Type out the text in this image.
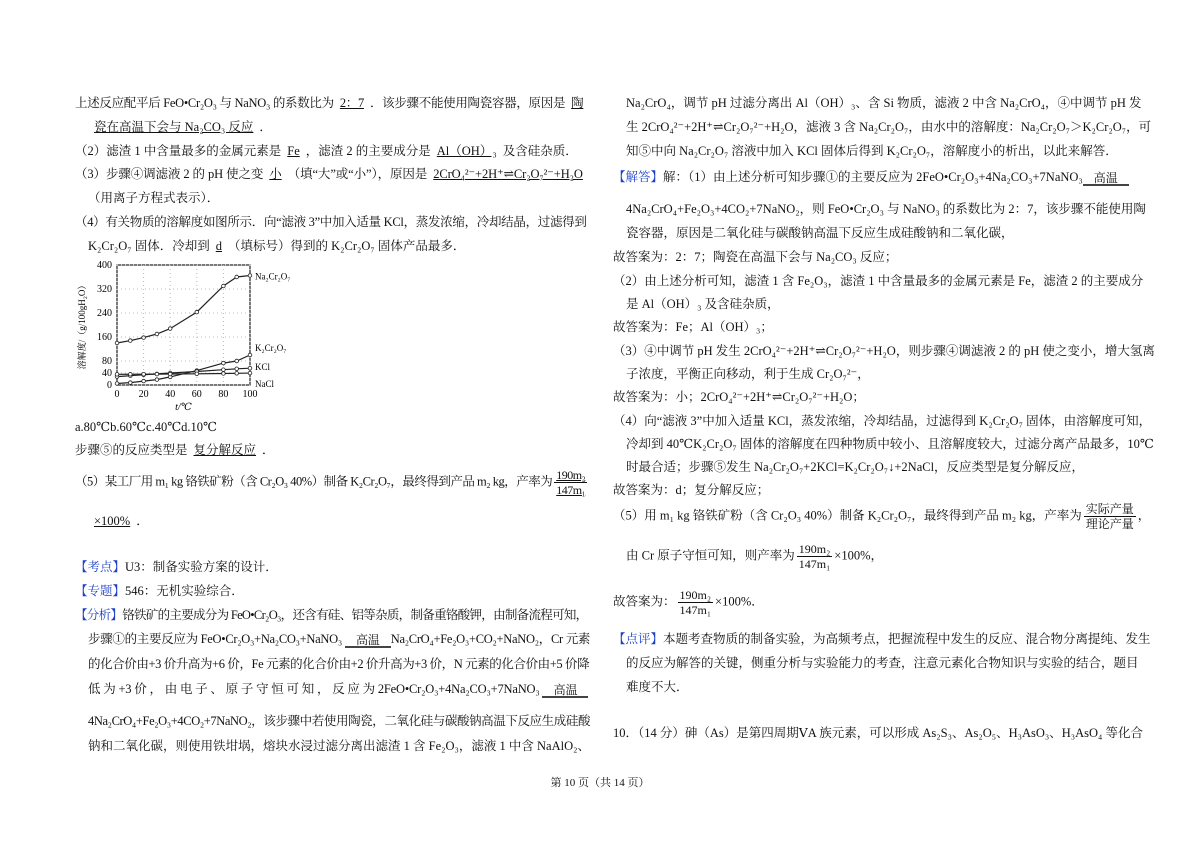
上述反应配平后 FeO•Cr₂O₃ 与 NaNO₃ 的系数比为 2：7 ．该步骤不能使用陶瓷容器，原因是 陶
瓷在高温下会与 Na₂CO₃ 反应 ．
（2）滤渣 1 中含量最多的金属元素是 Fe ，滤渣 2 的主要成分是 Al（OH）₃ 及含硅杂质．
（3）步骤④调滤液 2 的 pH 使之变 小 （填“大”或“小”），原因是 2CrO₄²⁻+2H⁺⇌Cr₂O₇²⁻+H₂O
（用离子方程式表示）．
（4）有关物质的溶解度如图所示．向“滤液 3”中加入适量 KCl，蒸发浓缩，冷却结晶，过滤得到
K₂Cr₂O₇ 固体．冷却到 d （填标号）得到的 K₂Cr₂O₇ 固体产品最多．
0 20 40 60 80 100
0
40
80
160
240
320
400
t/℃
溶解度/（g/100gH₂O）
Na₂Cr₂O₇
K₂Cr₂O₇
KCl
NaCl
a.80℃b.60℃c.40℃d.10℃
步骤⑤的反应类型是 复分解反应 ．
（5）某工厂用 m₁ kg 铬铁矿粉（含 Cr₂O₃ 40%）制备 K₂Cr₂O₇，最终得到产品 m₂ kg，产率为 $\frac{\text{190m₂}}{\text{147m₁}}$
×100% ．
【考点】U3：制备实验方案的设计．
【专题】546：无机实验综合．
【分析】铬铁矿的主要成分为 FeO•Cr₂O₃，还含有硅、铝等杂质，制备重铬酸钾，由制备流程可知，
步骤①的主要反应为 FeO•Cr₂O₃+Na₂CO₃+NaNO₃ 高温 Na₂CrO₄+Fe₂O₃+CO₂+NaNO₂，Cr 元素
的化合价由+3 价升高为+6 价，Fe 元素的化合价由+2 价升高为+3 价，N 元素的化合价由+5 价降
低 为 +3 价 ， 由 电 子 、 原 子 守 恒 可 知 ， 反 应 为 2FeO•Cr₂O₃+4Na₂CO₃+7NaNO₃ 高温
4Na₂CrO₄+Fe₂O₃+4CO₂+7NaNO₂，该步骤中若使用陶瓷，二氧化硅与碳酸钠高温下反应生成硅酸
钠和二氧化碳，则使用铁坩埚，熔块水浸过滤分离出滤渣 1 含 Fe₂O₃，滤液 1 中含 NaAlO₂、
Na₂CrO₄，调节 pH 过滤分离出 Al（OH）₃、含 Si 物质，滤液 2 中含 Na₂CrO₄，④中调节 pH 发
生 2CrO₄²⁻+2H⁺⇌Cr₂O₇²⁻+H₂O，滤液 3 含 Na₂Cr₂O₇，由水中的溶解度：Na₂Cr₂O₇＞K₂Cr₂O₇，可
知⑤中向 Na₂Cr₂O₇ 溶液中加入 KCl 固体后得到 K₂Cr₂O₇，溶解度小的析出，以此来解答．
【解答】解：（1）由上述分析可知步骤①的主要反应为 2FeO•Cr₂O₃+4Na₂CO₃+7NaNO₃ 高温
4Na₂CrO₄+Fe₂O₃+4CO₂+7NaNO₂，则 FeO•Cr₂O₃ 与 NaNO₃ 的系数比为 2：7，该步骤不能使用陶
瓷容器，原因是二氧化硅与碳酸钠高温下反应生成硅酸钠和二氧化碳，
故答案为：2：7；陶瓷在高温下会与 Na₂CO₃ 反应；
（2）由上述分析可知，滤渣 1 含 Fe₂O₃，滤渣 1 中含量最多的金属元素是 Fe，滤渣 2 的主要成分
是 Al（OH）₃ 及含硅杂质，
故答案为：Fe；Al（OH）₃；
（3）④中调节 pH 发生 2CrO₄²⁻+2H⁺⇌Cr₂O₇²⁻+H₂O，则步骤④调滤液 2 的 pH 使之变小，增大氢离
子浓度，平衡正向移动，利于生成 Cr₂O₇²⁻，
故答案为：小；2CrO₄²⁻+2H⁺⇌Cr₂O₇²⁻+H₂O；
（4）向“滤液 3”中加入适量 KCl，蒸发浓缩，冷却结晶，过滤得到 K₂Cr₂O₇ 固体，由溶解度可知，
冷却到 40℃K₂Cr₂O₇ 固体的溶解度在四种物质中较小、且溶解度较大，过滤分离产品最多，10℃
时最合适；步骤⑤发生 Na₂Cr₂O₇+2KCl=K₂Cr₂O₇↓+2NaCl，反应类型是复分解反应，
故答案为：d；复分解反应；
（5）用 m₁ kg 铬铁矿粉（含 Cr₂O₃ 40%）制备 K₂Cr₂O₇，最终得到产品 m₂ kg，产率为 $\frac{\text{实际产量}}{\text{理论产量}}$ ，
由 Cr 原子守恒可知，则产率为 $\frac{\text{190m₂}}{\text{147m₁}} \times 100\%$，
故答案为： $\frac{\text{190m₂}}{\text{147m₁}} \times 100\%$．
【点评】本题考查物质的制备实验，为高频考点，把握流程中发生的反应、混合物分离提纯、发生
的反应为解答的关键，侧重分析与实验能力的考查，注意元素化合物知识与实验的结合，题目
难度不大．
10．（14 分）砷（As）是第四周期ⅤA 族元素，可以形成 As₂S₃、As₂O₅、H₃AsO₃、H₃AsO₄ 等化合
第 10 页（共 14 页）
